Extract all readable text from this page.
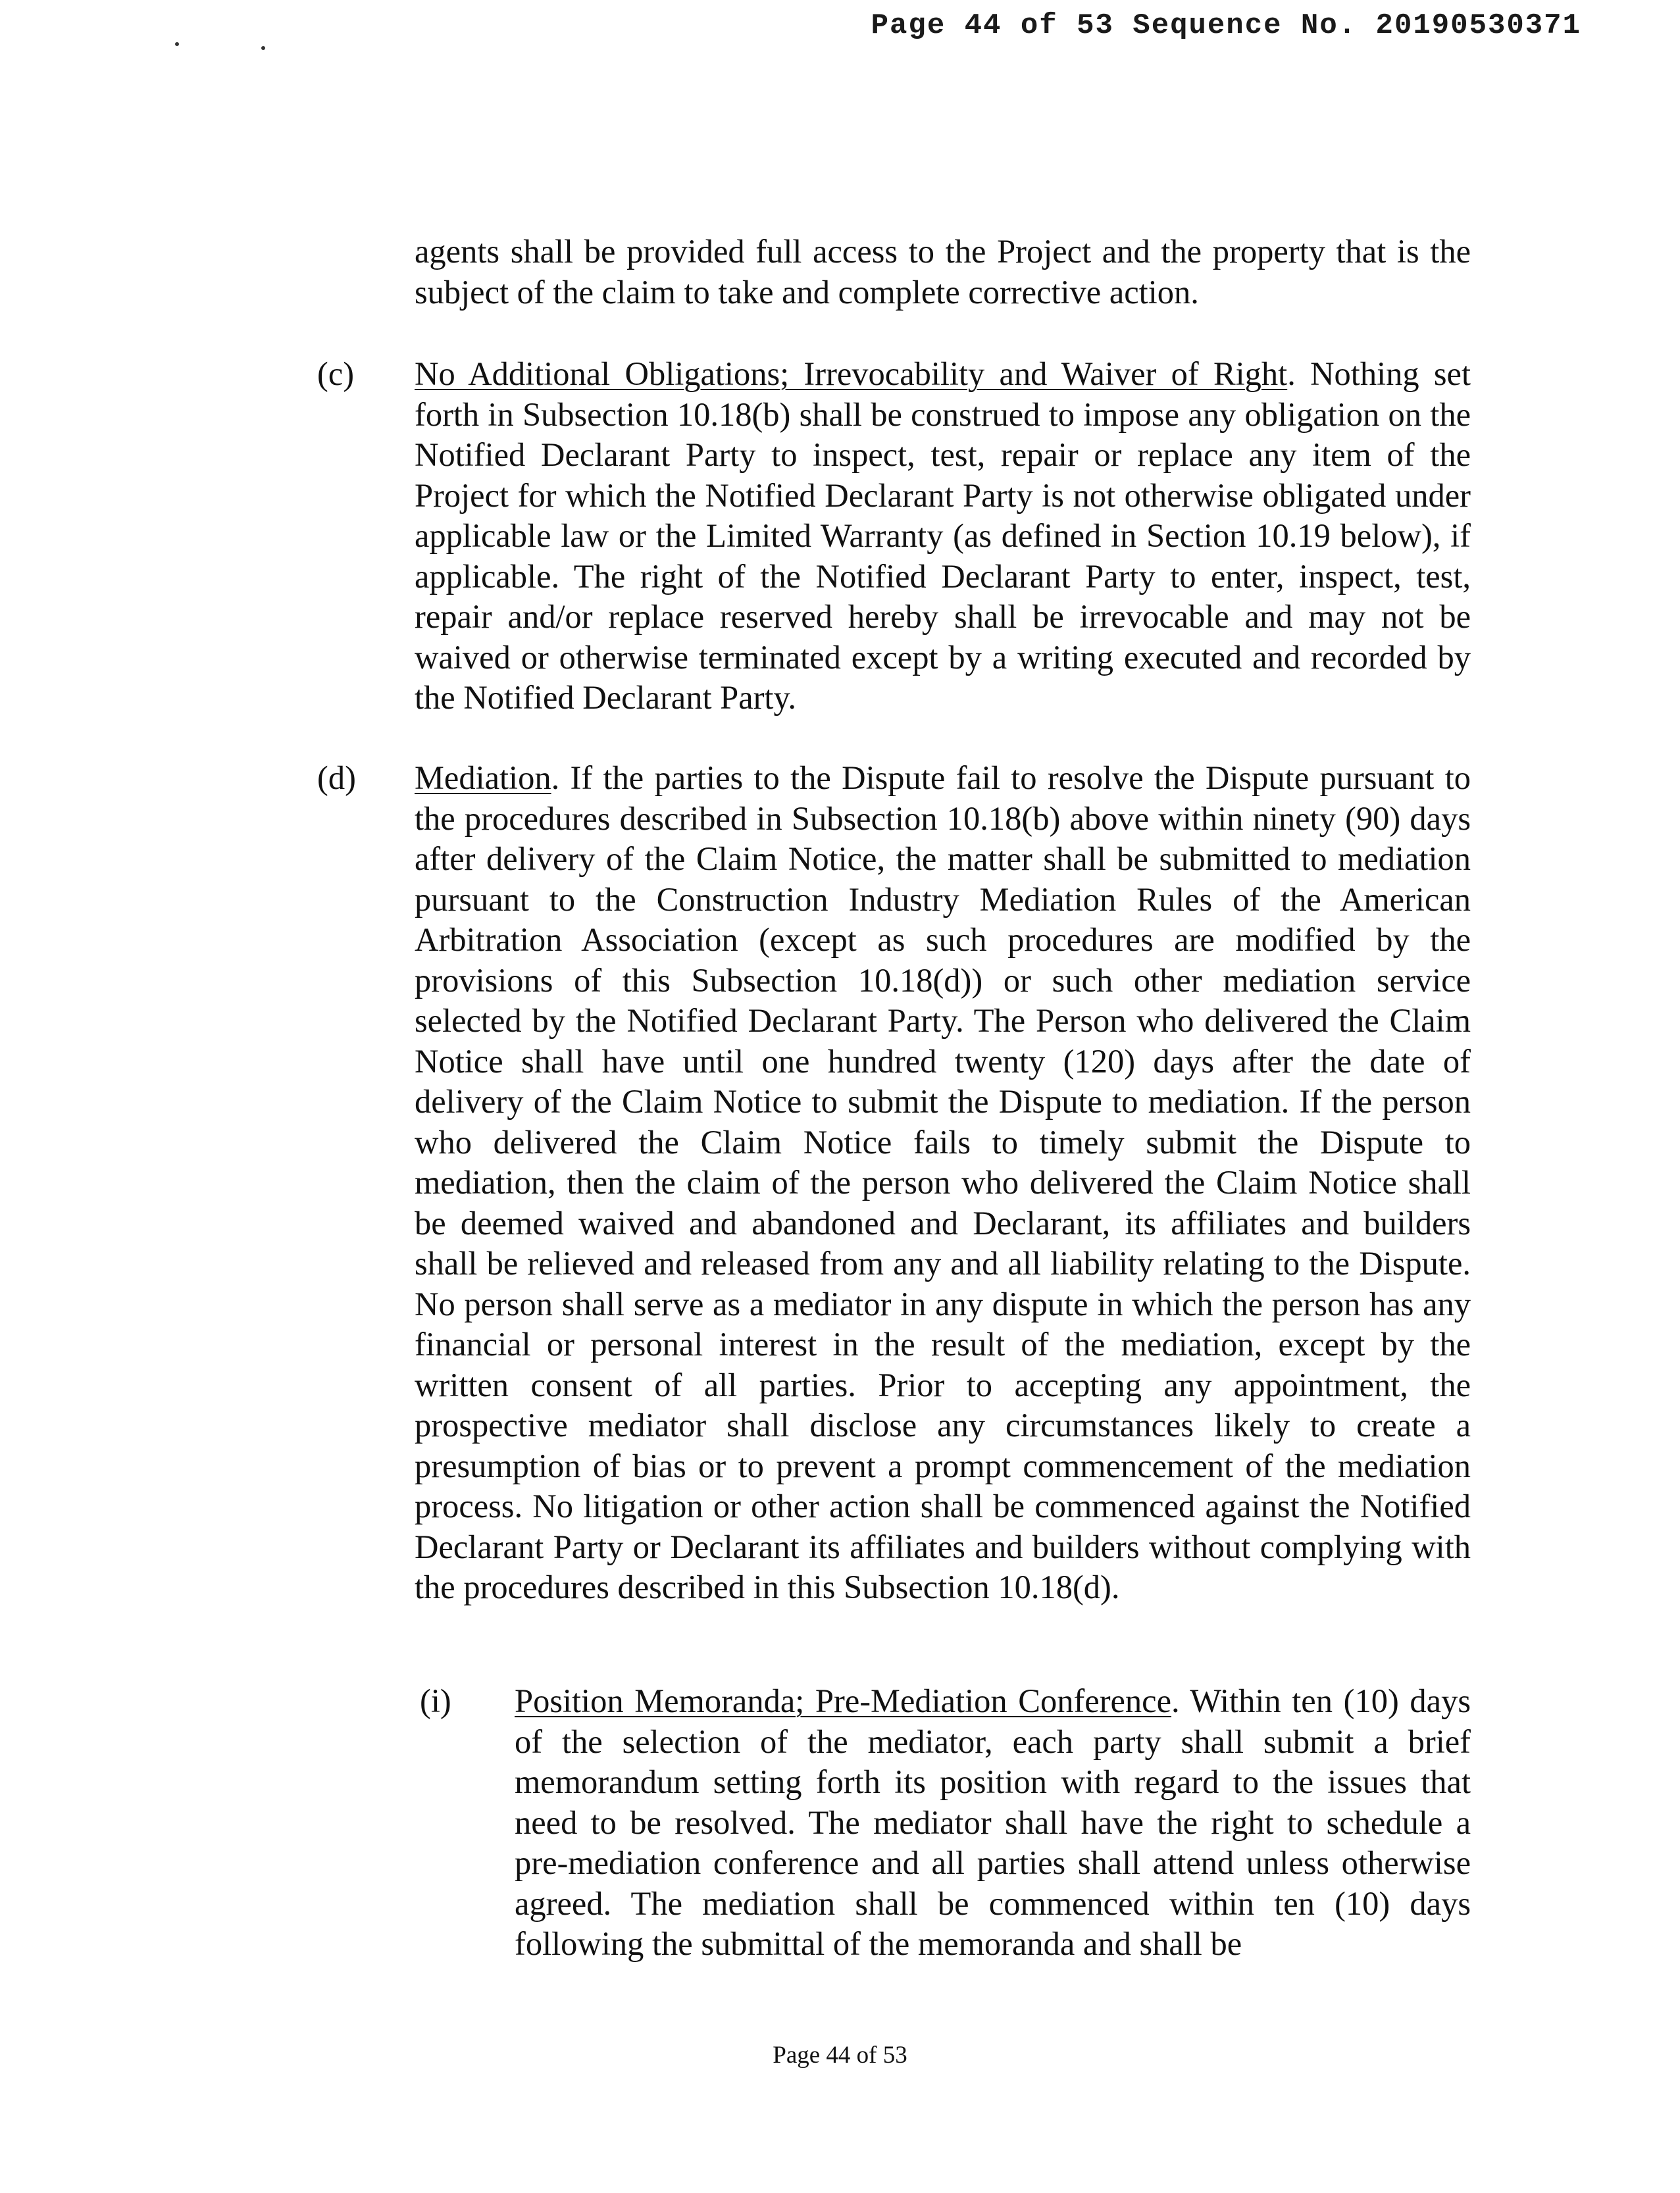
Page 44 of 53 Sequence No. 20190530371
agents shall be provided full access to the Project and the property that is the subject of the claim to take and complete corrective action.
(c) No Additional Obligations; Irrevocability and Waiver of Right. Nothing set forth in Subsection 10.18(b) shall be construed to impose any obligation on the Notified Declarant Party to inspect, test, repair or replace any item of the Project for which the Notified Declarant Party is not otherwise obligated under applicable law or the Limited Warranty (as defined in Section 10.19 below), if applicable. The right of the Notified Declarant Party to enter, inspect, test, repair and/or replace reserved hereby shall be irrevocable and may not be waived or otherwise terminated except by a writing executed and recorded by the Notified Declarant Party.
(d) Mediation. If the parties to the Dispute fail to resolve the Dispute pursuant to the procedures described in Subsection 10.18(b) above within ninety (90) days after delivery of the Claim Notice, the matter shall be submitted to mediation pursuant to the Construction Industry Mediation Rules of the American Arbitration Association (except as such procedures are modified by the provisions of this Subsection 10.18(d)) or such other mediation service selected by the Notified Declarant Party. The Person who delivered the Claim Notice shall have until one hundred twenty (120) days after the date of delivery of the Claim Notice to submit the Dispute to mediation. If the person who delivered the Claim Notice fails to timely submit the Dispute to mediation, then the claim of the person who delivered the Claim Notice shall be deemed waived and abandoned and Declarant, its affiliates and builders shall be relieved and released from any and all liability relating to the Dispute. No person shall serve as a mediator in any dispute in which the person has any financial or personal interest in the result of the mediation, except by the written consent of all parties. Prior to accepting any appointment, the prospective mediator shall disclose any circumstances likely to create a presumption of bias or to prevent a prompt commencement of the mediation process. No litigation or other action shall be commenced against the Notified Declarant Party or Declarant its affiliates and builders without complying with the procedures described in this Subsection 10.18(d).
(i) Position Memoranda; Pre-Mediation Conference. Within ten (10) days of the selection of the mediator, each party shall submit a brief memorandum setting forth its position with regard to the issues that need to be resolved. The mediator shall have the right to schedule a pre-mediation conference and all parties shall attend unless otherwise agreed. The mediation shall be commenced within ten (10) days following the submittal of the memoranda and shall be
Page 44 of 53
